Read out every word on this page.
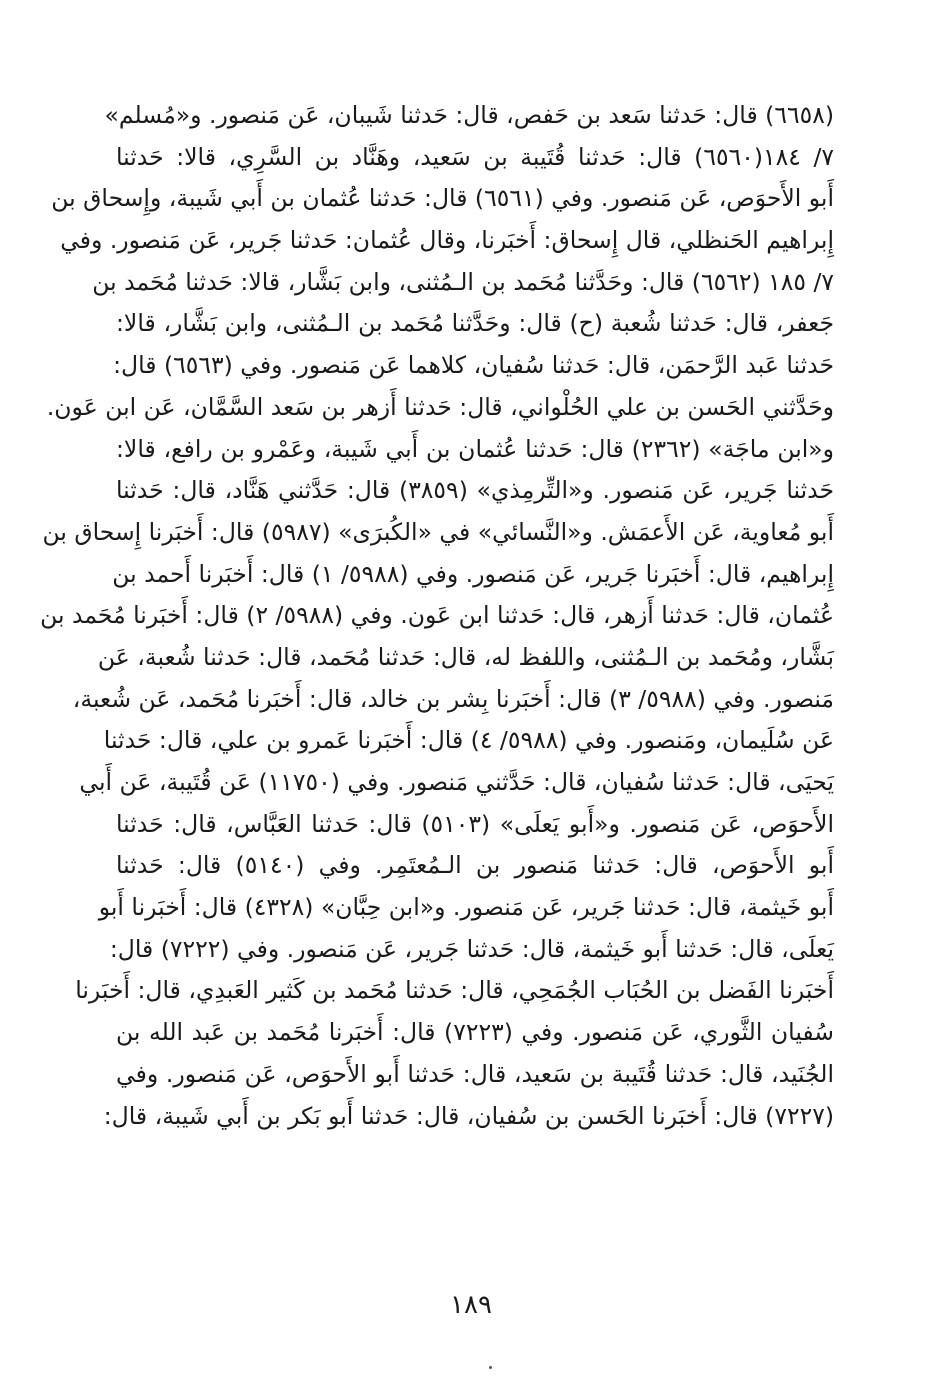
(٦٦٥٨) قال: حَدثنا سَعد بن حَفص، قال: حَدثنا شَيبان، عَن مَنصور. و«مُسلم»
٧/ ١٨٤(٦٥٦٠) قال: حَدثنا قُتَيبة بن سَعيد، وهَنَّاد بن السَّرِي، قالا: حَدثنا
أَبو الأَحوَص، عَن مَنصور. وفي (٦٥٦١) قال: حَدثنا عُثمان بن أَبي شَيبة، وإِسحاق بن
إِبراهيم الحَنظلي، قال إِسحاق: أَخبَرنا، وقال عُثمان: حَدثنا جَرير، عَن مَنصور. وفي
٧/ ١٨٥ (٦٥٦٢) قال: وحَدَّثنا مُحَمد بن الـمُثنى، وابن بَشَّار، قالا: حَدثنا مُحَمد بن
جَعفر، قال: حَدثنا شُعبة (ح) قال: وحَدَّثنا مُحَمد بن الـمُثنى، وابن بَشَّار، قالا:
حَدثنا عَبد الرَّحمَن، قال: حَدثنا سُفيان، كلاهما عَن مَنصور. وفي (٦٥٦٣) قال:
وحَدَّثني الحَسن بن علي الحُلْواني، قال: حَدثنا أَزهر بن سَعد السَّمَّان، عَن ابن عَون.
و«ابن ماجَة» (٢٣٦٢) قال: حَدثنا عُثمان بن أَبي شَيبة، وعَمْرو بن رافع، قالا:
حَدثنا جَرير، عَن مَنصور. و«التِّرمِذي» (٣٨٥٩) قال: حَدَّثني هَنَّاد، قال: حَدثنا
أَبو مُعاوية، عَن الأَعمَش. و«النَّسائي» في «الكُبرَى» (٥٩٨٧) قال: أَخبَرنا إِسحاق بن
إِبراهيم، قال: أَخبَرنا جَرير، عَن مَنصور. وفي (٥٩٨٨/ ١) قال: أَخبَرنا أَحمد بن
عُثمان، قال: حَدثنا أَزهر، قال: حَدثنا ابن عَون. وفي (٥٩٨٨/ ٢) قال: أَخبَرنا مُحَمد بن
بَشَّار، ومُحَمد بن الـمُثنى، واللفظ له، قال: حَدثنا مُحَمد، قال: حَدثنا شُعبة، عَن
مَنصور. وفي (٥٩٨٨/ ٣) قال: أَخبَرنا بِشر بن خالد، قال: أَخبَرنا مُحَمد، عَن شُعبة،
عَن سُلَيمان، ومَنصور. وفي (٥٩٨٨/ ٤) قال: أَخبَرنا عَمرو بن علي، قال: حَدثنا
يَحيَى، قال: حَدثنا سُفيان، قال: حَدَّثني مَنصور. وفي (١١٧٥٠) عَن قُتَيبة، عَن أَبي
الأَحوَص، عَن مَنصور. و«أَبو يَعلَى» (٥١٠٣) قال: حَدثنا العَبَّاس، قال: حَدثنا
أَبو الأَحوَص، قال: حَدثنا مَنصور بن الـمُعتَمِر. وفي (٥١٤٠) قال: حَدثنا
أَبو خَيثمة، قال: حَدثنا جَرير، عَن مَنصور. و«ابن حِبَّان» (٤٣٢٨) قال: أَخبَرنا أَبو
يَعلَى، قال: حَدثنا أَبو خَيثمة، قال: حَدثنا جَرير، عَن مَنصور. وفي (٧٢٢٢) قال:
أَخبَرنا الفَضل بن الحُبَاب الجُمَحِي، قال: حَدثنا مُحَمد بن كَثير العَبدِي، قال: أَخبَرنا
سُفيان الثَّوري، عَن مَنصور. وفي (٧٢٢٣) قال: أَخبَرنا مُحَمد بن عَبد الله بن
الجُنَيد، قال: حَدثنا قُتَيبة بن سَعيد، قال: حَدثنا أَبو الأَحوَص، عَن مَنصور. وفي
(٧٢٢٧) قال: أَخبَرنا الحَسن بن سُفيان، قال: حَدثنا أَبو بَكر بن أَبي شَيبة، قال:
١٨٩
